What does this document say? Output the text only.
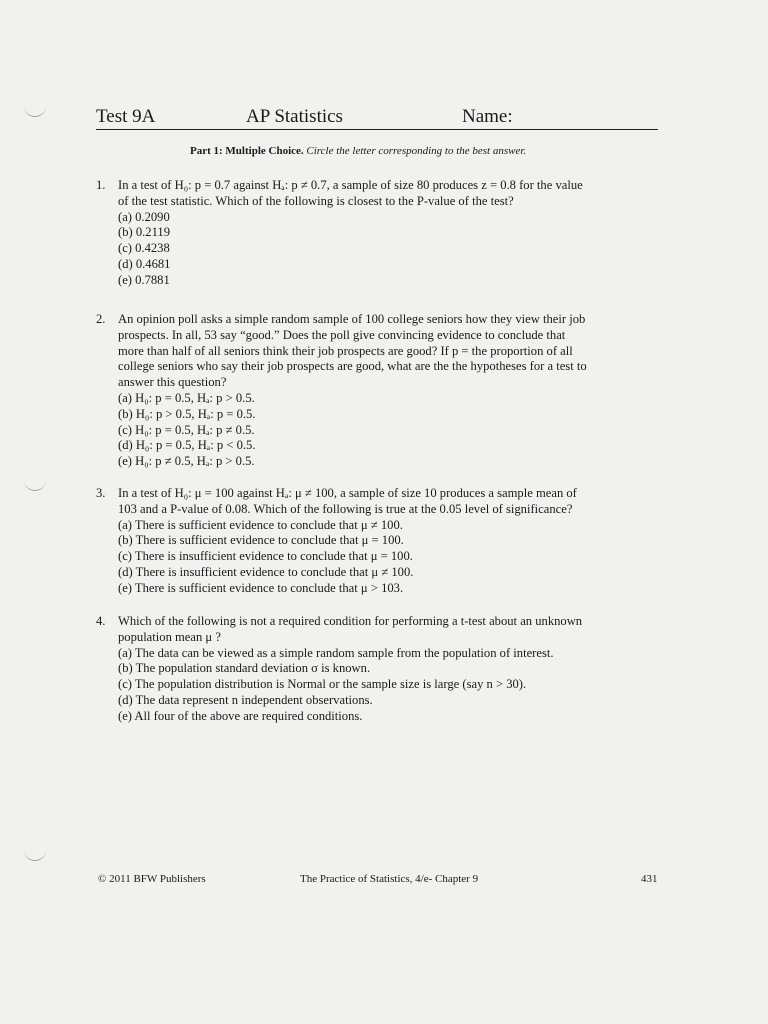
Test 9A	AP Statistics	Name:
Part 1: Multiple Choice. Circle the letter corresponding to the best answer.
1. In a test of H₀: p = 0.7 against Hₐ: p ≠ 0.7, a sample of size 80 produces z = 0.8 for the value

of the test statistic. Which of the following is closest to the P-value of the test?

(a) 0.2090

(b) 0.2119

(c) 0.4238

(d) 0.4681

(e) 0.7881

2. An opinion poll asks a simple random sample of 100 college seniors how they view their job

prospects. In all, 53 say “good.” Does the poll give convincing evidence to conclude that

more than half of all seniors think their job prospects are good? If p = the proportion of all

college seniors who say their job prospects are good, what are the the hypotheses for a test to

answer this question?

(a) H₀: p = 0.5, Hₐ: p > 0.5.

(b) H₀: p > 0.5, Hₐ: p = 0.5.

(c) H₀: p = 0.5, Hₐ: p ≠ 0.5.

(d) H₀: p = 0.5, Hₐ: p < 0.5.

(e) H₀: p ≠ 0.5, Hₐ: p > 0.5.

3. In a test of H₀: μ = 100 against Hₐ: μ ≠ 100, a sample of size 10 produces a sample mean of

103 and a P-value of 0.08. Which of the following is true at the 0.05 level of significance?

(a) There is sufficient evidence to conclude that μ ≠ 100.

(b) There is sufficient evidence to conclude that μ = 100.

(c) There is insufficient evidence to conclude that μ = 100.

(d) There is insufficient evidence to conclude that μ ≠ 100.

(e) There is sufficient evidence to conclude that μ > 103.

4. Which of the following is not a required condition for performing a t-test about an unknown

population mean μ ?

(a) The data can be viewed as a simple random sample from the population of interest.

(b) The population standard deviation σ is known.

(c) The population distribution is Normal or the sample size is large (say n > 30).

(d) The data represent n independent observations.

(e) All four of the above are required conditions.

© 2011 BFW Publishers	The Practice of Statistics, 4/e- Chapter 9	431
